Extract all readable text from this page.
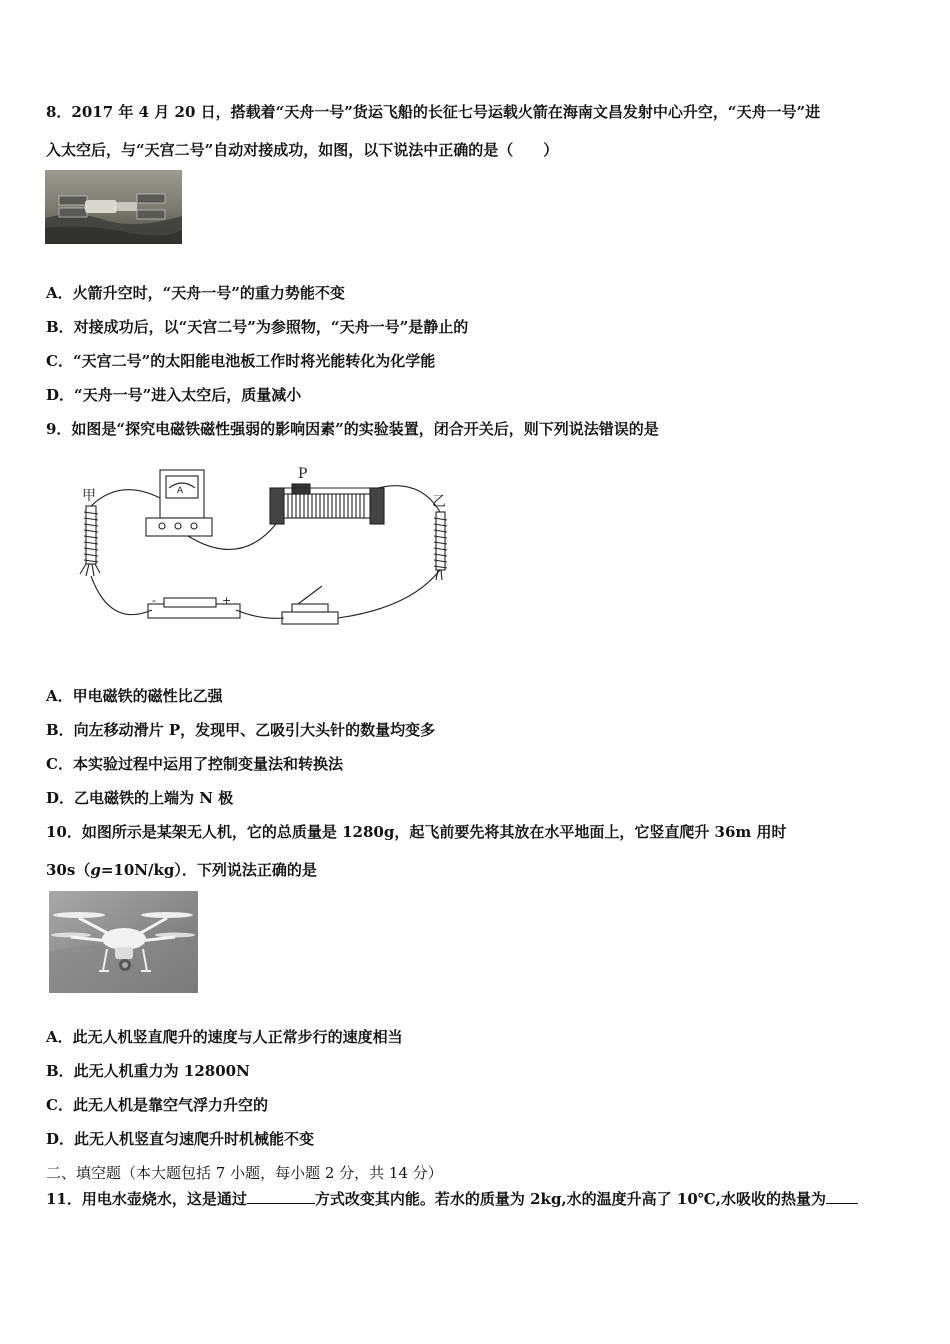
8．2017 年 4 月 20 日，搭载着“天舟一号”货运飞船的长征七号运载火箭在海南文昌发射中心升空，“天舟一号”进
入太空后，与“天宫二号”自动对接成功，如图，以下说法中正确的是（　　）
A．火箭升空时，“天舟一号”的重力势能不变
B．对接成功后，以“天宫二号”为参照物，“天舟一号”是静止的
C．“天宫二号”的太阳能电池板工作时将光能转化为化学能
D．“天舟一号”进入太空后，质量减小
9．如图是“探究电磁铁磁性强弱的影响因素”的实验装置，闭合开关后，则下列说法错误的是
甲	A
P
乙
-	+
A．甲电磁铁的磁性比乙强
B．向左移动滑片 P，发现甲、乙吸引大头针的数量均变多
C．本实验过程中运用了控制变量法和转换法
D．乙电磁铁的上端为 N 极
10．如图所示是某架无人机，它的总质量是 1280g，起飞前要先将其放在水平地面上，它竖直爬升 36m 用时
30s（g=10N/kg）．下列说法正确的是
A．此无人机竖直爬升的速度与人正常步行的速度相当
B．此无人机重力为 12800N
C．此无人机是靠空气浮力升空的
D．此无人机竖直匀速爬升时机械能不变
二、填空题（本大题包括 7 小题，每小题 2 分，共 14 分）
11．用电水壶烧水，这是通过	方式改变其内能。若水的质量为 2kg,水的温度升高了 10℃,水吸收的热量为
